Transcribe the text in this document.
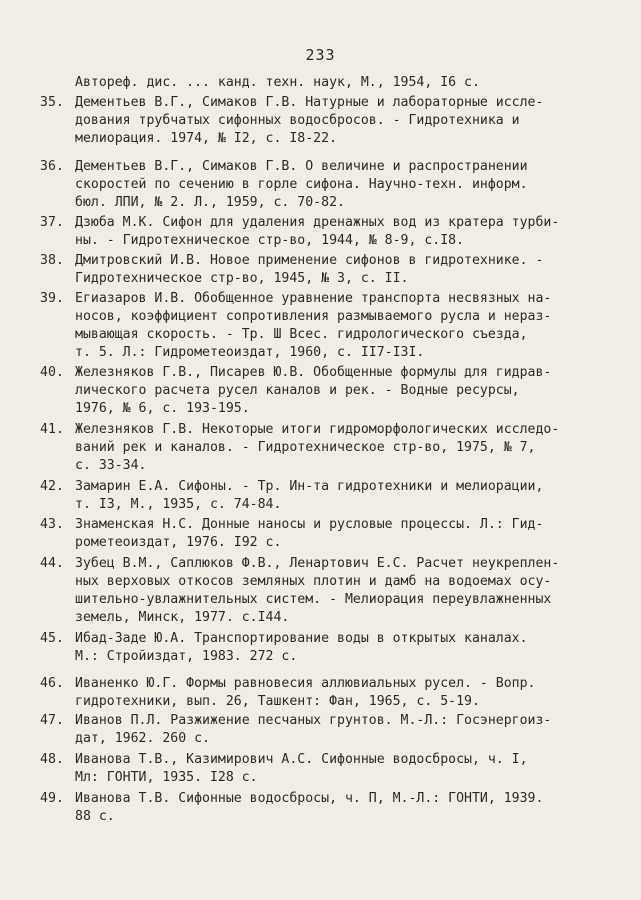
233
Автореф. дис. ... канд. техн. наук, М., 1954, I6 с.
35. Дементьев В.Г., Симаков Г.В. Натурные и лабораторные иссле-
дования трубчатых сифонных водосбросов. - Гидротехника и
мелиорация. 1974, № I2, с. I8-22.
36. Дементьев В.Г., Симаков Г.В. О величине и распространении
скоростей по сечению в горле сифона. Научно-техн. информ.
бюл. ЛПИ, № 2. Л., 1959, с. 70-82.
37. Дзюба М.К. Сифон для удаления дренажных вод из кратера турби-
ны. - Гидротехническое стр-во, 1944, № 8-9, с.I8.
38. Дмитровский И.В. Новое применение сифонов в гидротехнике. -
Гидротехническое стр-во, 1945, № 3, с. II.
39. Егиазаров И.В. Обобщенное уравнение транспорта несвязных на-
носов, коэффициент сопротивления размываемого русла и нераз-
мывающая скорость. - Тр. Ш Всес. гидрологического съезда,
т. 5. Л.: Гидрометеоиздат, 1960, с. II7-I3I.
40. Железняков Г.В., Писарев Ю.В. Обобщенные формулы для гидрав-
лического расчета русел каналов и рек. - Водные ресурсы,
1976, № 6, с. 193-195.
41. Железняков Г.В. Некоторые итоги гидроморфологических исследо-
ваний рек и каналов. - Гидротехническое стр-во, 1975, № 7,
с. 33-34.
42. Замарин Е.А. Сифоны. - Тр. Ин-та гидротехники и мелиорации,
т. I3, М., 1935, с. 74-84.
43. Знаменская Н.С. Донные наносы и русловые процессы. Л.: Гид-
рометеоиздат, 1976. I92 с.
44. Зубец В.М., Саплюков Ф.В., Ленартович Е.С. Расчет неукреплен-
ных верховых откосов земляных плотин и дамб на водоемах осу-
шительно-увлажнительных систем. - Мелиорация переувлажненных
земель, Минск, 1977. с.I44.
45. Ибад-Заде Ю.А. Транспортирование воды в открытых каналах.
М.: Стройиздат, 1983. 272 с.
46. Иваненко Ю.Г. Формы равновесия аллювиальных русел. - Вопр.
гидротехники, вып. 26, Ташкент: Фан, 1965, с. 5-19.
47. Иванов П.Л. Разжижение песчаных грунтов. М.-Л.: Госэнергоиз-
дат, 1962. 260 с.
48. Иванова Т.В., Казимирович А.С. Сифонные водосбросы, ч. I,
Мл: ГОНТИ, 1935. I28 с.
49. Иванова Т.В. Сифонные водосбросы, ч. П, М.-Л.: ГОНТИ, 1939.
88 с.
